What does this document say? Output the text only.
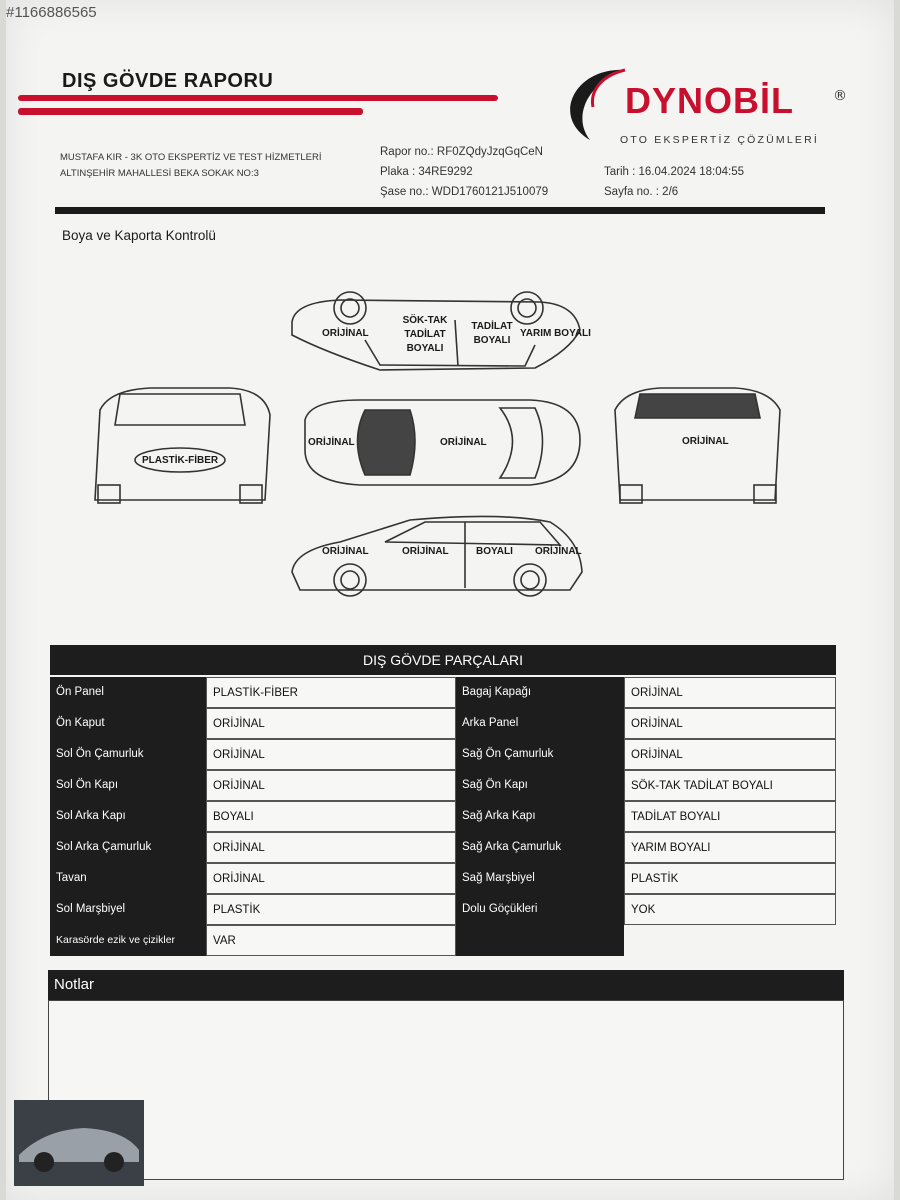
#1166886565
DIŞ GÖVDE RAPORU	DYNOBİL	®
OTO EKSPERTİZ ÇÖZÜMLERİ
MUSTAFA KIR - 3K OTO EKSPERTİZ VE TEST HİZMETLERİ
ALTINŞEHİR MAHALLESİ BEKA SOKAK NO:3
Rapor no.: RF0ZQdyJzqGqCeN
Plaka : 34RE9292
Şase no.: WDD1760121J510079
Tarih : 16.04.2024 18:04:55
Sayfa no. : 2/6
Boya ve Kaporta Kontrolü
ORİJİNAL
SÖK-TAK TADİLAT BOYALI
TADİLAT BOYALI
YARIM BOYALI
PLASTİK-FİBER
ORİJİNAL	ORİJİNAL	ORİJİNAL
ORİJİNAL	ORİJİNAL	BOYALI ORİJİNAL
DIŞ GÖVDE PARÇALARI
Ön Panel	PLASTİK-FİBER
Ön Kaput	ORİJİNAL
Sol Ön Çamurluk	ORİJİNAL
Sol Ön Kapı	ORİJİNAL
Sol Arka Kapı	BOYALI
Sol Arka Çamurluk	ORİJİNAL
Tavan	ORİJİNAL
Sol Marşbiyel	PLASTİK
Karasörde ezik ve çizikler	VAR
Bagaj Kapağı	ORİJİNAL
Arka Panel	ORİJİNAL
Sağ Ön Çamurluk	ORİJİNAL
Sağ Ön Kapı	SÖK-TAK TADİLAT BOYALI
Sağ Arka Kapı	TADİLAT BOYALI
Sağ Arka Çamurluk	YARIM BOYALI
Sağ Marşbiyel	PLASTİK
Dolu Göçükleri	YOK
Notlar
